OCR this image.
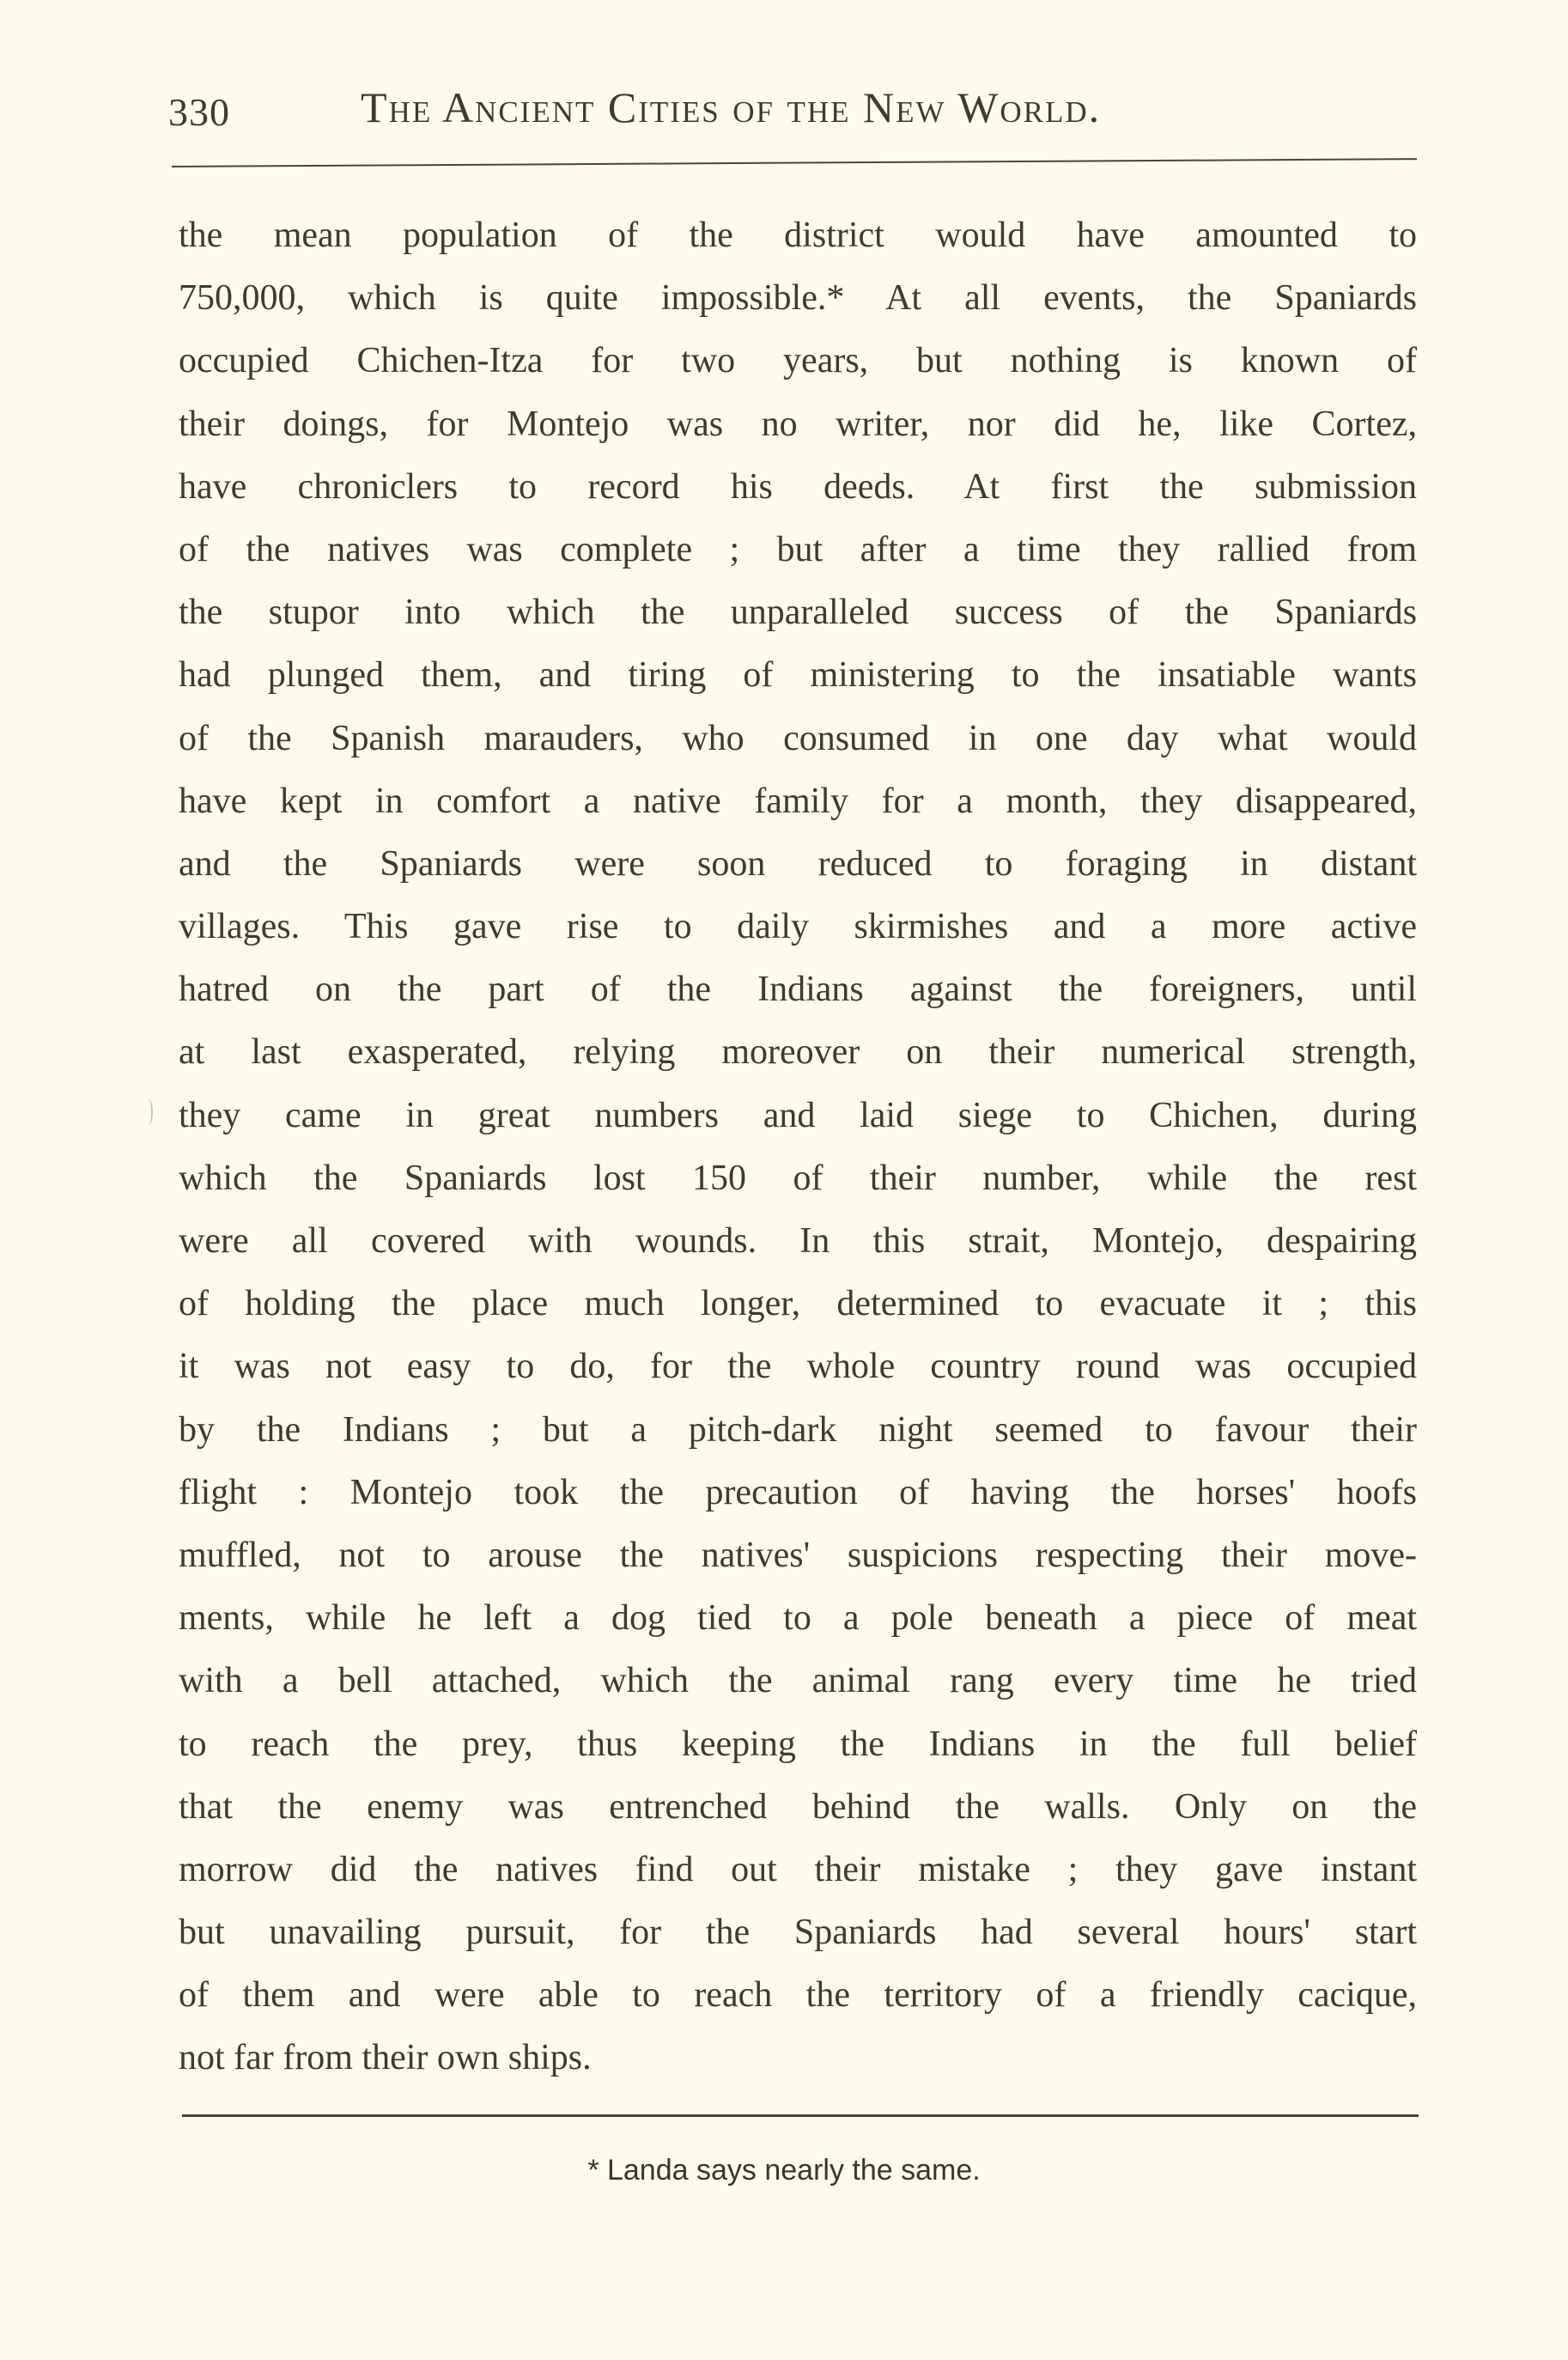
330	The Ancient Cities of the New World.
the mean population of the district would have amounted to
750,000, which is quite impossible.* At all events, the Spaniards
occupied Chichen-Itza for two years, but nothing is known of
their doings, for Montejo was no writer, nor did he, like Cortez,
have chroniclers to record his deeds. At first the submission
of the natives was complete ; but after a time they rallied from
the stupor into which the unparalleled success of the Spaniards
had plunged them, and tiring of ministering to the insatiable wants
of the Spanish marauders, who consumed in one day what would
have kept in comfort a native family for a month, they disappeared,
and the Spaniards were soon reduced to foraging in distant
villages. This gave rise to daily skirmishes and a more active
hatred on the part of the Indians against the foreigners, until
at last exasperated, relying moreover on their numerical strength,
they came in great numbers and laid siege to Chichen, during
which the Spaniards lost 150 of their number, while the rest
were all covered with wounds. In this strait, Montejo, despairing
of holding the place much longer, determined to evacuate it ; this
it was not easy to do, for the whole country round was occupied
by the Indians ; but a pitch-dark night seemed to favour their
flight : Montejo took the precaution of having the horses' hoofs
muffled, not to arouse the natives' suspicions respecting their move-
ments, while he left a dog tied to a pole beneath a piece of meat
with a bell attached, which the animal rang every time he tried
to reach the prey, thus keeping the Indians in the full belief
that the enemy was entrenched behind the walls. Only on the
morrow did the natives find out their mistake ; they gave instant
but unavailing pursuit, for the Spaniards had several hours' start
of them and were able to reach the territory of a friendly cacique,
not far from their own ships.
* Landa says nearly the same.
